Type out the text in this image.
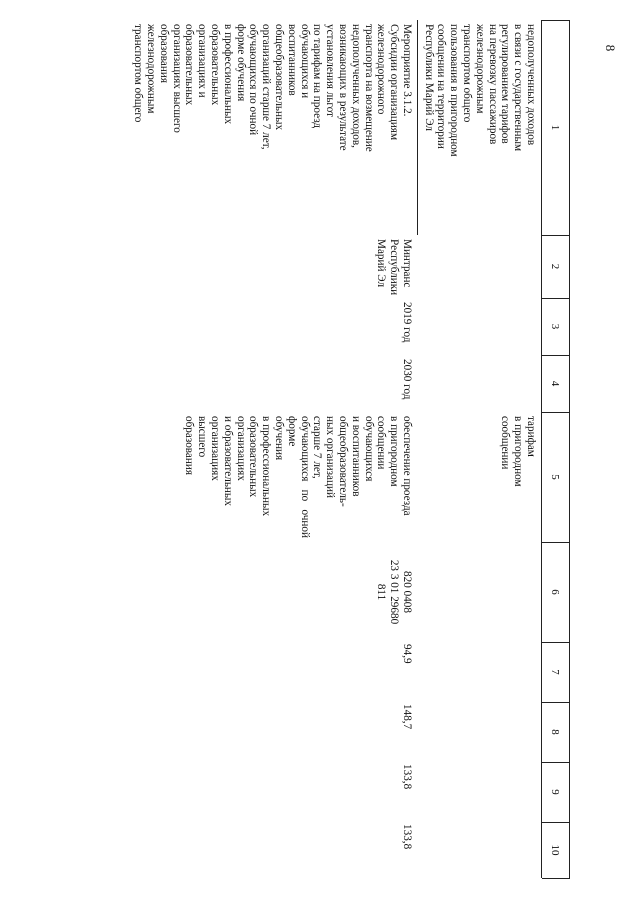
8
1
2
3
4
5
6
7
8
9
10
недополученных доходов
в связи с государственным
регулированием тарифов
на перевозку пассажиров
железнодорожным
транспортом общего
пользования в пригородном
сообщении на территории
Республики Марий Эл
тарифам
в пригородном
сообщении
Мероприятие 3.1.2.
Субсидии организациям
железнодорожного
транспорта на возмещение
недополученных доходов,
возникающих в результате
установления льгот
по тарифам на проезд
обучающихся и
воспитанников
общеобразовательных
организаций старше 7 лет,
обучающихся по очной
форме обучения
в профессиональных
образовательных
организациях и
образовательных
организациях высшего
образования
железнодорожным
транспортом общего
Минтранс
Республики
Марий Эл
2019 год
2030 год
обеспечение проезда
в пригородном
сообщении
обучающихся
и воспитанников
общеобразователь-
ных организаций
старше 7 лет,
обучающихся по очной форме
обучения
в профессиональных
образовательных
организациях
и образовательных
организациях
высшего
образования
820 0408
23 3 01 29680
811
94,9
148,7
133,8
133,8
